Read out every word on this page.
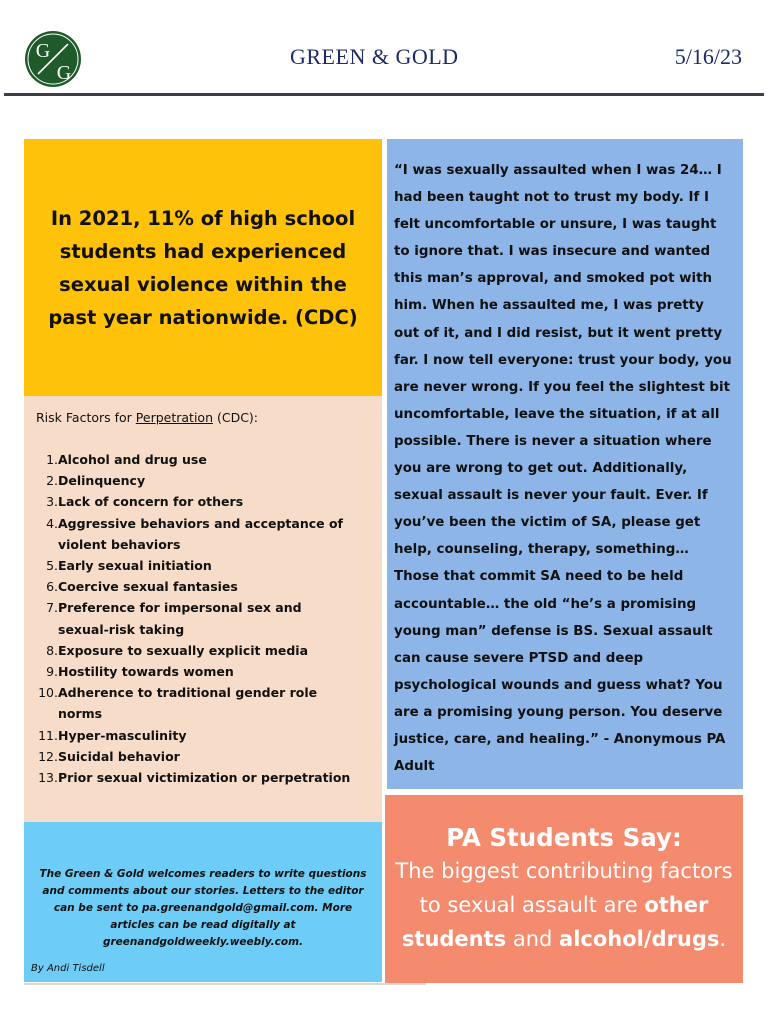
G
G
GREEN & GOLD	5/16/23

In 2021, 11% of high school students had experienced sexual violence within the past year nationwide. (CDC)

Risk Factors for Perpetration (CDC):

1. Alcohol and drug use
2. Delinquency
3. Lack of concern for others
4. Aggressive behaviors and acceptance of
violent behaviors
5. Early sexual initiation
6. Coercive sexual fantasies
7. Preference for impersonal sex and
sexual-risk taking
8. Exposure to sexually explicit media
9. Hostility towards women
10. Adherence to traditional gender role
norms
11. Hyper-masculinity
12. Suicidal behavior
13. Prior sexual victimization or perpetration

“I was sexually assaulted when I was 24… I had been taught not to trust my body. If I felt uncomfortable or unsure, I was taught to ignore that. I was insecure and wanted this man’s approval, and smoked pot with him. When he assaulted me, I was pretty out of it, and I did resist, but it went pretty far. I now tell everyone: trust your body, you are never wrong. If you feel the slightest bit uncomfortable, leave the situation, if at all possible. There is never a situation where you are wrong to get out. Additionally, sexual assault is never your fault. Ever. If you’ve been the victim of SA, please get help, counseling, therapy, something… Those that commit SA need to be held accountable… the old “he’s a promising young man” defense is BS. Sexual assault can cause severe PTSD and deep psychological wounds and guess what? You are a promising young person. You deserve justice, care, and healing.” - Anonymous PA Adult

The Green & Gold welcomes readers to write questions and comments about our stories. Letters to the editor can be sent to pa.greenandgold@gmail.com. More articles can be read digitally at greenandgoldweekly.weebly.com.

By Andi Tisdell

PA Students Say:

The biggest contributing factors to sexual assault are other students and alcohol/drugs.
